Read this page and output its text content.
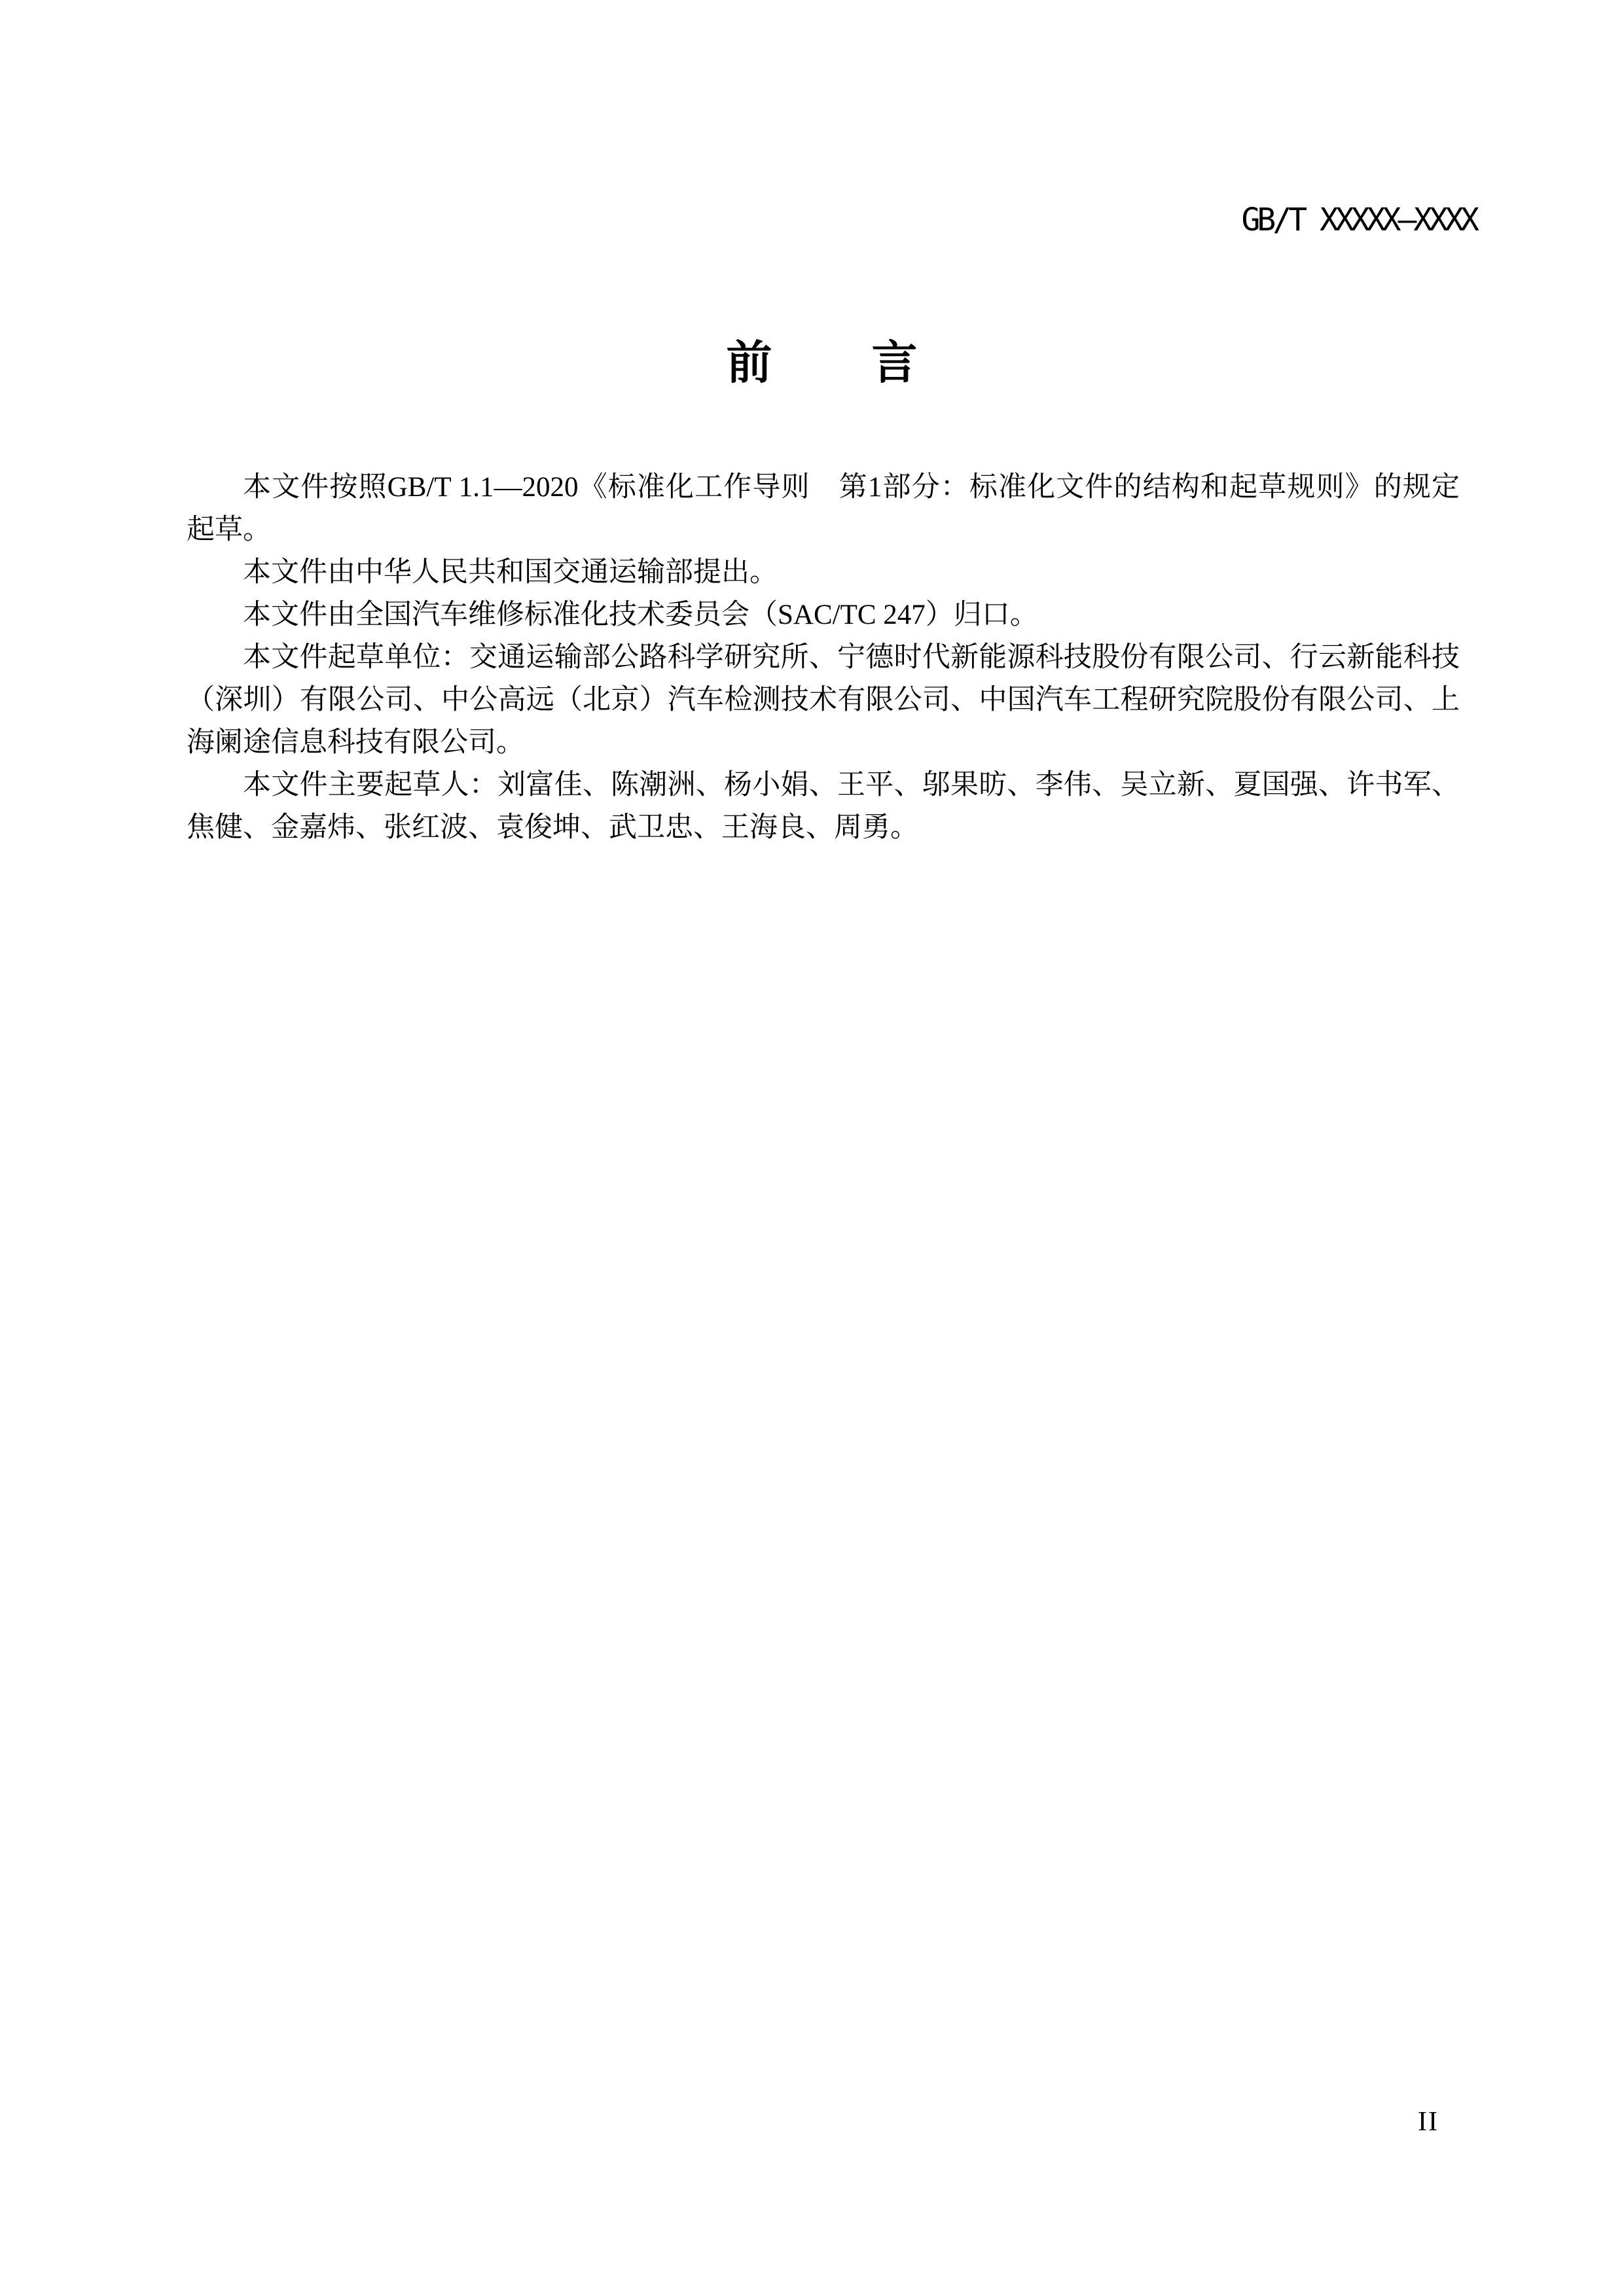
GB/T XXXXX—XXXX
前　　言

本文件按照GB/T 1.1—2020《标准化工作导则　第1部分：标准化文件的结构和起草规则》的规定起草。

本文件由中华人民共和国交通运输部提出。

本文件由全国汽车维修标准化技术委员会（SAC/TC 247）归口。

本文件起草单位：交通运输部公路科学研究所、宁德时代新能源科技股份有限公司、行云新能科技（深圳）有限公司、中公高远（北京）汽车检测技术有限公司、中国汽车工程研究院股份有限公司、上海阑途信息科技有限公司。

本文件主要起草人：刘富佳、陈潮洲、杨小娟、王平、邬果昉、李伟、吴立新、夏国强、许书军、焦健、金嘉炜、张红波、袁俊坤、武卫忠、王海良、周勇。

II
